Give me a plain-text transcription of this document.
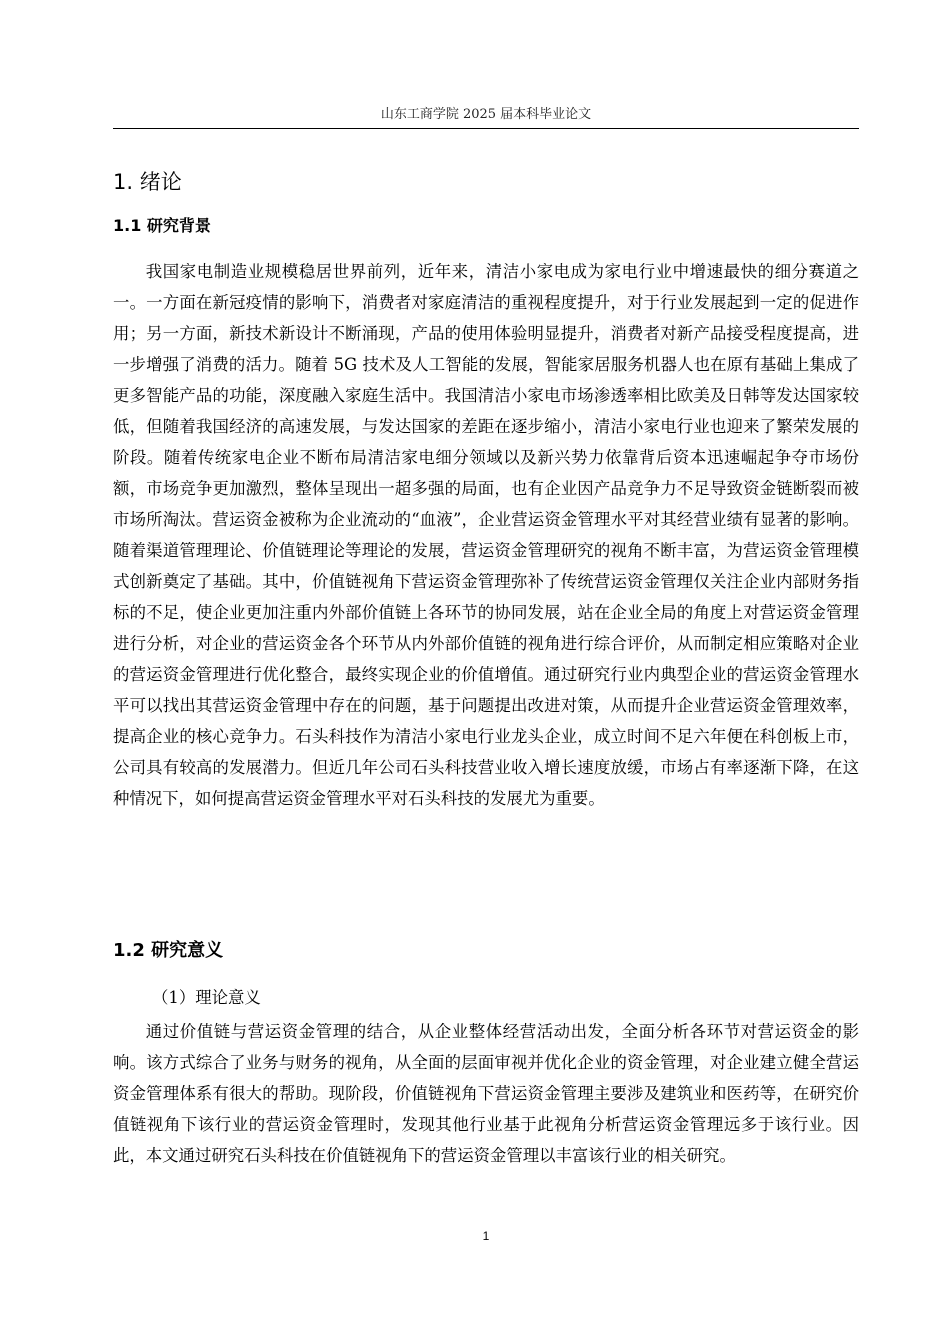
山东工商学院 2025 届本科毕业论文
1. 绪论
1.1 研究背景

我国家电制造业规模稳居世界前列，近年来，清洁小家电成为家电行业中增速最快的细分赛道之一。一方面在新冠疫情的影响下，消费者对家庭清洁的重视程度提升，对于行业发展起到一定的促进作用；另一方面，新技术新设计不断涌现，产品的使用体验明显提升，消费者对新产品接受程度提高，进一步增强了消费的活力。随着 5G 技术及人工智能的发展，智能家居服务机器人也在原有基础上集成了更多智能产品的功能，深度融入家庭生活中。我国清洁小家电市场渗透率相比欧美及日韩等发达国家较低，但随着我国经济的高速发展，与发达国家的差距在逐步缩小，清洁小家电行业也迎来了繁荣发展的阶段。随着传统家电企业不断布局清洁家电细分领域以及新兴势力依靠背后资本迅速崛起争夺市场份额，市场竞争更加激烈，整体呈现出一超多强的局面，也有企业因产品竞争力不足导致资金链断裂而被市场所淘汰。营运资金被称为企业流动的“血液”，企业营运资金管理水平对其经营业绩有显著的影响。随着渠道管理理论、价值链理论等理论的发展，营运资金管理研究的视角不断丰富，为营运资金管理模式创新奠定了基础。其中，价值链视角下营运资金管理弥补了传统营运资金管理仅关注企业内部财务指标的不足，使企业更加注重内外部价值链上各环节的协同发展，站在企业全局的角度上对营运资金管理进行分析，对企业的营运资金各个环节从内外部价值链的视角进行综合评价，从而制定相应策略对企业的营运资金管理进行优化整合，最终实现企业的价值增值。通过研究行业内典型企业的营运资金管理水平可以找出其营运资金管理中存在的问题，基于问题提出改进对策，从而提升企业营运资金管理效率，提高企业的核心竞争力。石头科技作为清洁小家电行业龙头企业，成立时间不足六年便在科创板上市，公司具有较高的发展潜力。但近几年公司石头科技营业收入增长速度放缓，市场占有率逐渐下降，在这种情况下，如何提高营运资金管理水平对石头科技的发展尤为重要。

1.2 研究意义

（1）理论意义

通过价值链与营运资金管理的结合，从企业整体经营活动出发，全面分析各环节对营运资金的影响。该方式综合了业务与财务的视角，从全面的层面审视并优化企业的资金管理，对企业建立健全营运资金管理体系有很大的帮助。现阶段，价值链视角下营运资金管理主要涉及建筑业和医药等，在研究价值链视角下该行业的营运资金管理时，发现其他行业基于此视角分析营运资金管理远多于该行业。因此，本文通过研究石头科技在价值链视角下的营运资金管理以丰富该行业的相关研究。

1
